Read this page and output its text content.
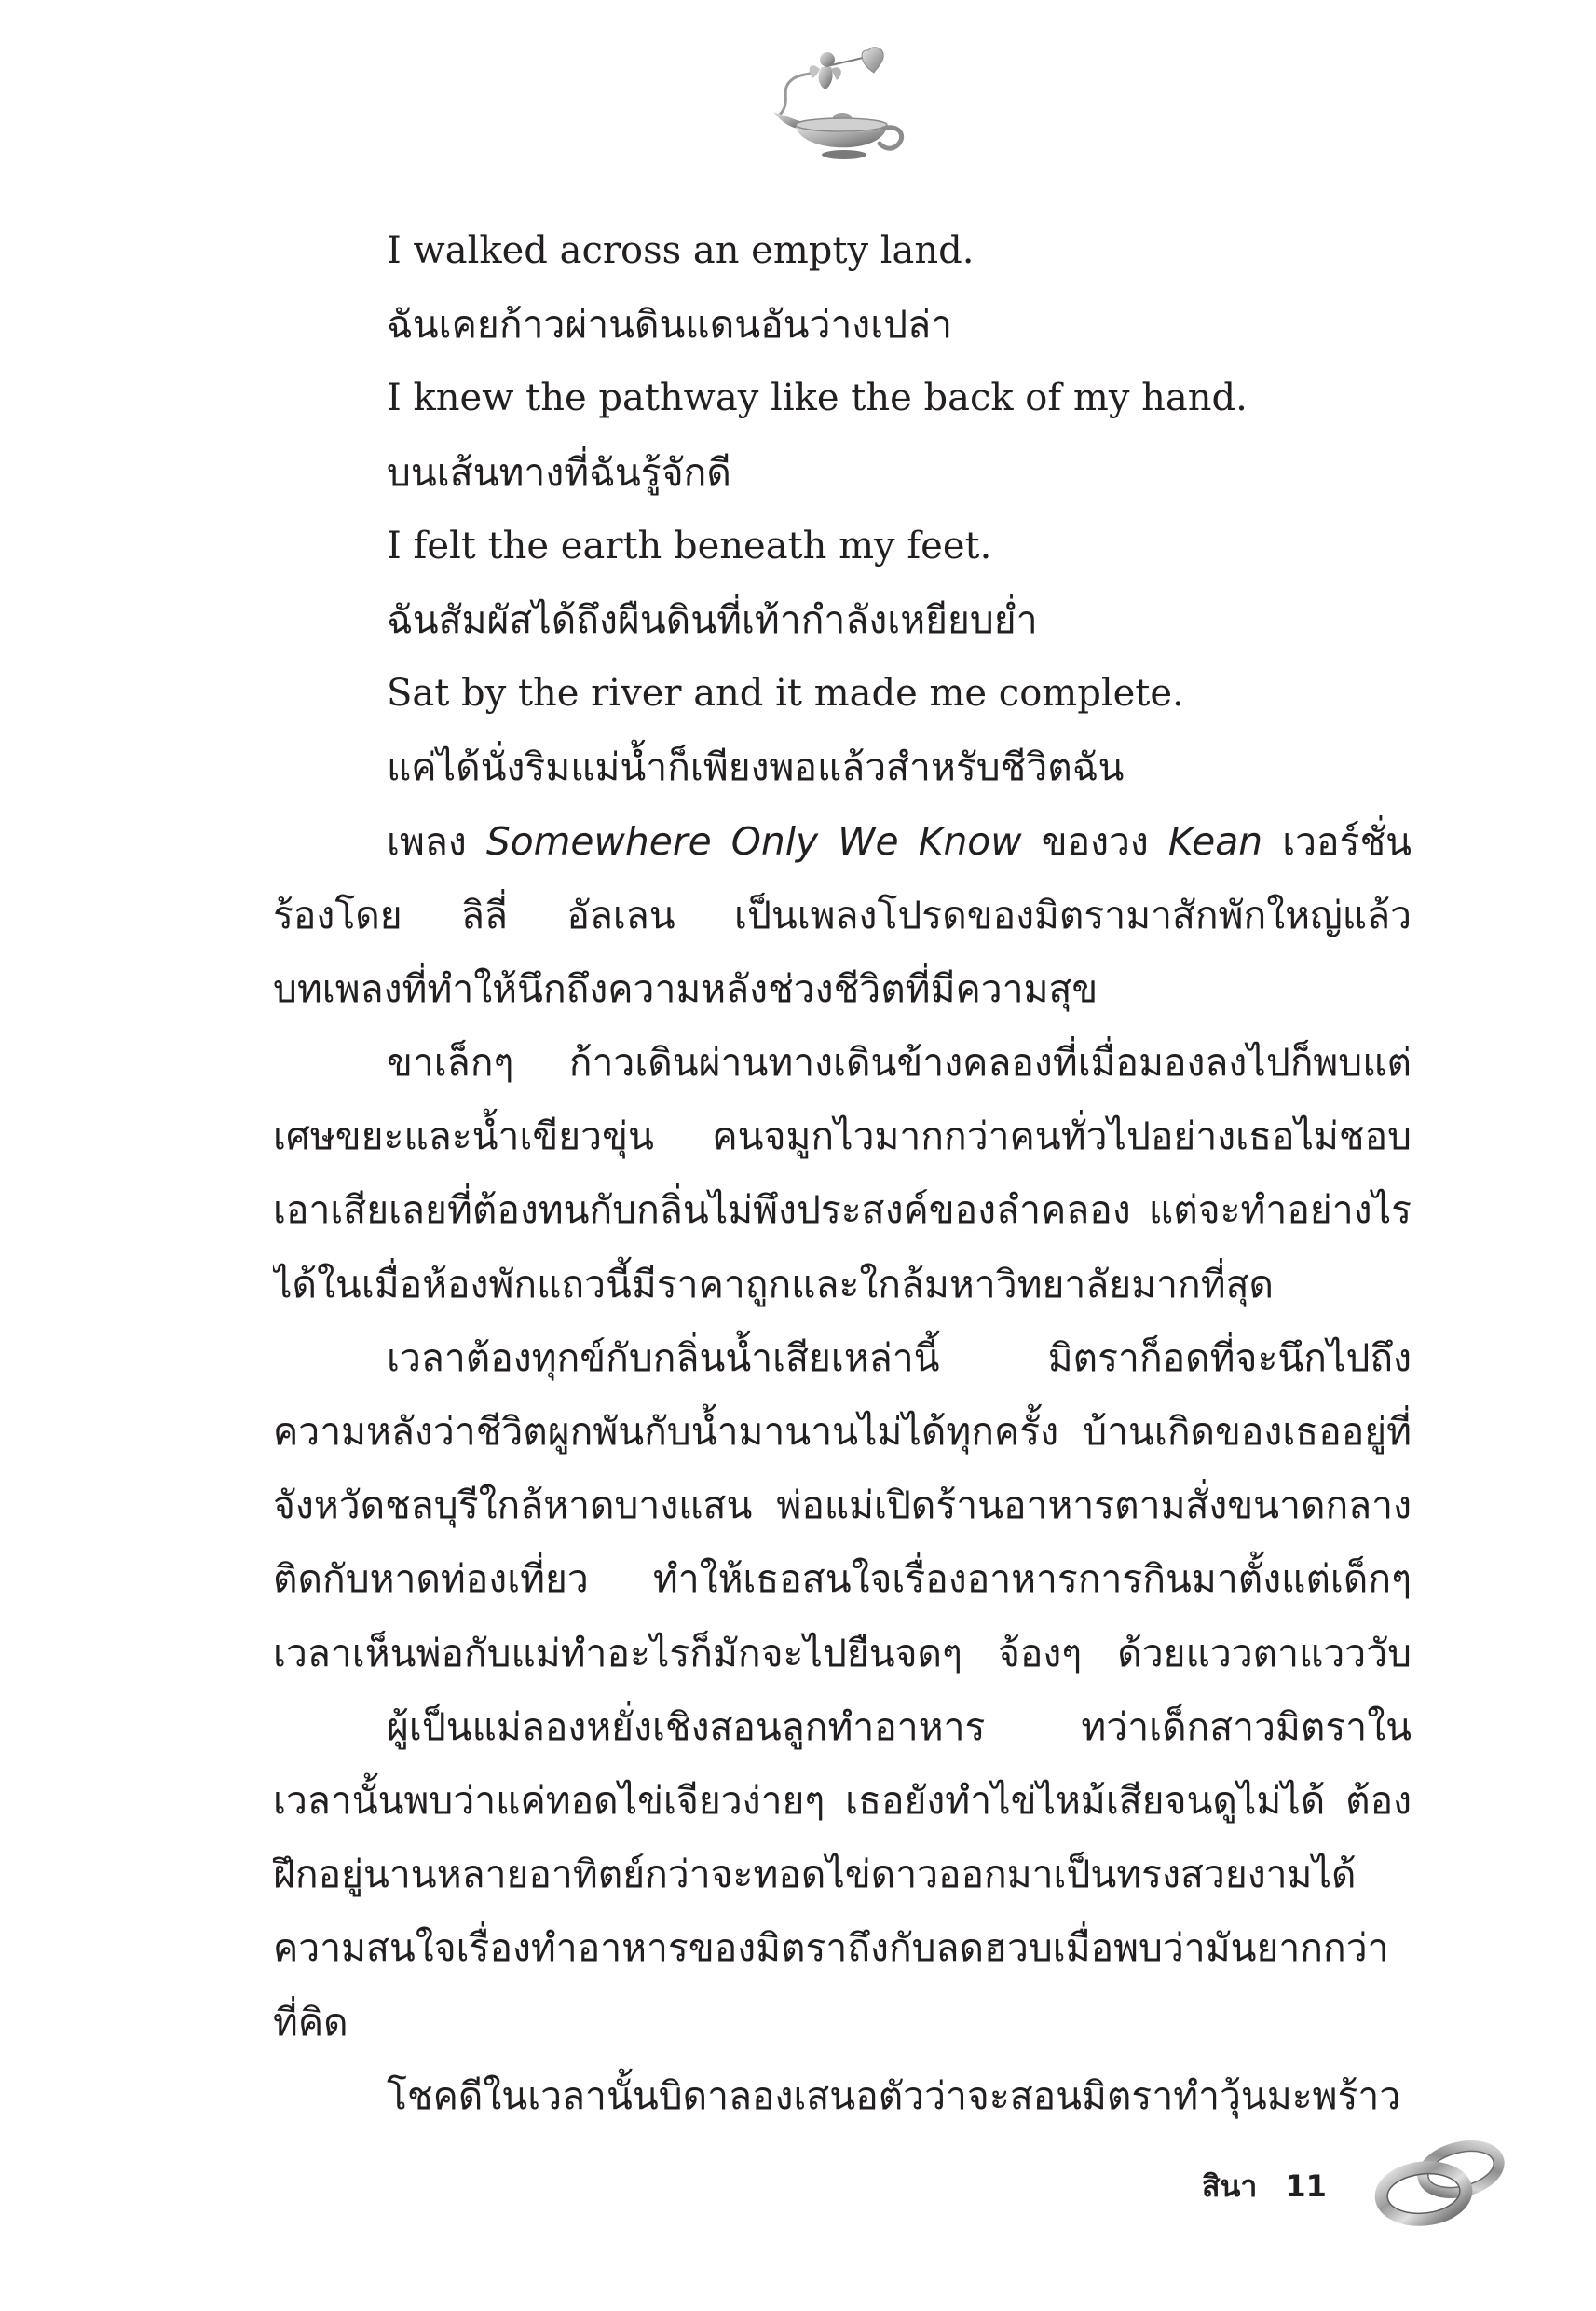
I walked across an empty land.
ฉันเคยก้าวผ่านดินแดนอันว่างเปล่า
I knew the pathway like the back of my hand.
บนเส้นทางที่ฉันรู้จักดี
I felt the earth beneath my feet.
ฉันสัมผัสได้ถึงผืนดินที่เท้ากำลังเหยียบย่ำ
Sat by the river and it made me complete.
แค่ได้นั่งริมแม่น้ำก็เพียงพอแล้วสำหรับชีวิตฉัน
เพลง Somewhere Only We Know ของวง Kean เวอร์ชั่น
ร้องโดย ลิลี่ อัลเลน เป็นเพลงโปรดของมิตรามาสักพักใหญ่แล้ว
บทเพลงที่ทำให้นึกถึงความหลังช่วงชีวิตที่มีความสุข
ขาเล็กๆ ก้าวเดินผ่านทางเดินข้างคลองที่เมื่อมองลงไปก็พบแต่
เศษขยะและน้ำเขียวขุ่น คนจมูกไวมากกว่าคนทั่วไปอย่างเธอไม่ชอบ
เอาเสียเลยที่ต้องทนกับกลิ่นไม่พึงประสงค์ของลำคลอง แต่จะทำอย่างไร
ได้ในเมื่อห้องพักแถวนี้มีราคาถูกและใกล้มหาวิทยาลัยมากที่สุด
เวลาต้องทุกข์กับกลิ่นน้ำเสียเหล่านี้ มิตราก็อดที่จะนึกไปถึง
ความหลังว่าชีวิตผูกพันกับน้ำมานานไม่ได้ทุกครั้ง บ้านเกิดของเธออยู่ที่
จังหวัดชลบุรีใกล้หาดบางแสน พ่อแม่เปิดร้านอาหารตามสั่งขนาดกลาง
ติดกับหาดท่องเที่ยว ทำให้เธอสนใจเรื่องอาหารการกินมาตั้งแต่เด็กๆ
เวลาเห็นพ่อกับแม่ทำอะไรก็มักจะไปยืนจดๆ จ้องๆ ด้วยแววตาแวววับ
ผู้เป็นแม่ลองหยั่งเชิงสอนลูกทำอาหาร ทว่าเด็กสาวมิตราใน
เวลานั้นพบว่าแค่ทอดไข่เจียวง่ายๆ เธอยังทำไข่ไหม้เสียจนดูไม่ได้ ต้อง
ฝึกอยู่นานหลายอาทิตย์กว่าจะทอดไข่ดาวออกมาเป็นทรงสวยงามได้
ความสนใจเรื่องทำอาหารของมิตราถึงกับลดฮวบเมื่อพบว่ามันยากกว่า
ที่คิด
โชคดีในเวลานั้นบิดาลองเสนอตัวว่าจะสอนมิตราทำวุ้นมะพร้าว
สินา 11
